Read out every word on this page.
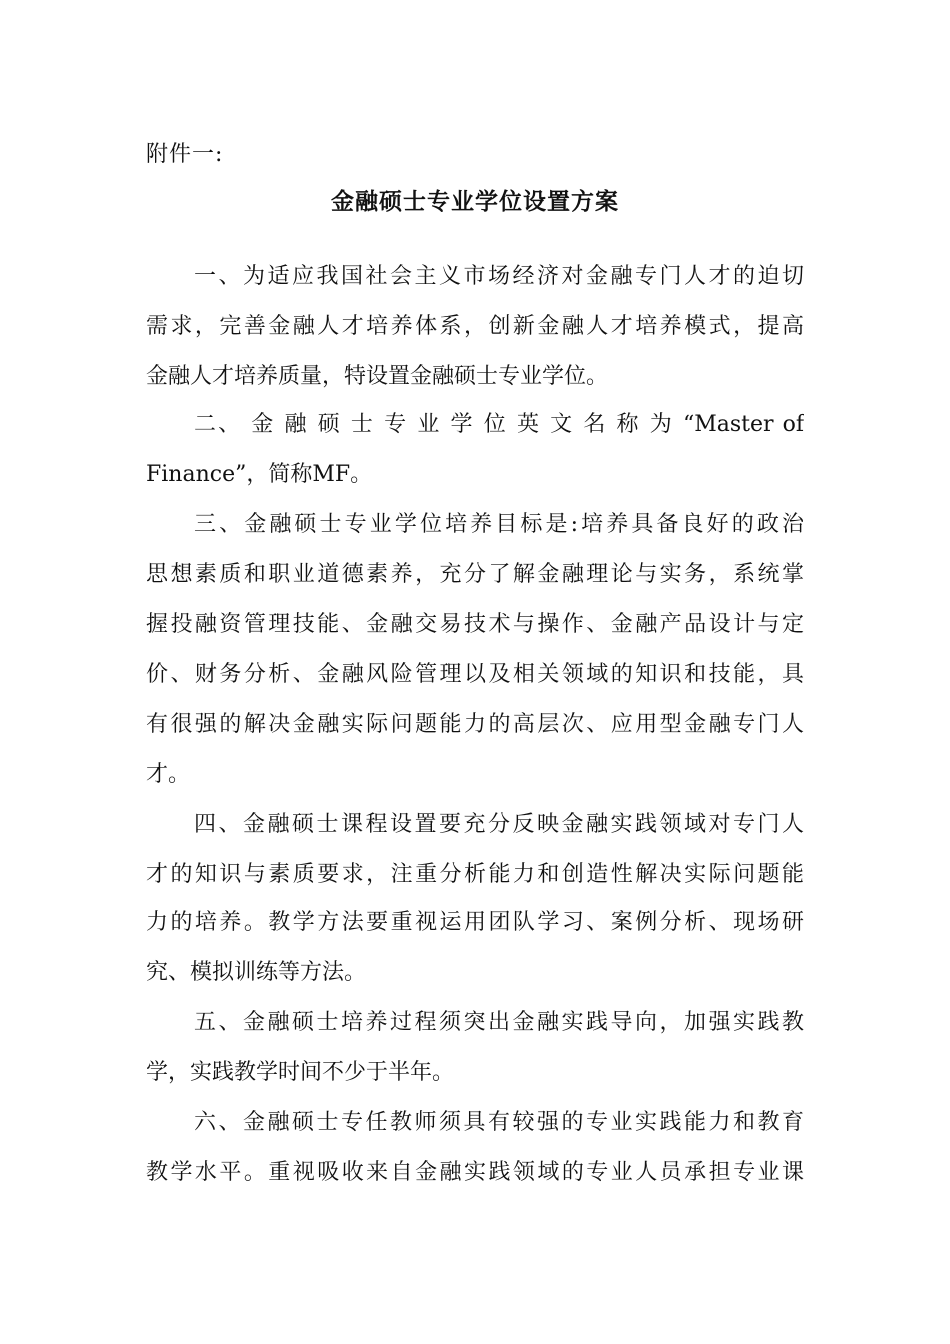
附件一:
金融硕士专业学位设置方案
一、为适应我国社会主义市场经济对金融专门人才的迫切
需求，完善金融人才培养体系，创新金融人才培养模式，提高
金融人才培养质量，特设置金融硕士专业学位。
二、 金 融 硕 士 专 业 学 位 英 文 名 称 为 “Master of
Finance”，简称MF。
三、金融硕士专业学位培养目标是:培养具备良好的政治
思想素质和职业道德素养，充分了解金融理论与实务，系统掌
握投融资管理技能、金融交易技术与操作、金融产品设计与定
价、财务分析、金融风险管理以及相关领域的知识和技能，具
有很强的解决金融实际问题能力的高层次、应用型金融专门人
才。
四、金融硕士课程设置要充分反映金融实践领域对专门人
才的知识与素质要求，注重分析能力和创造性解决实际问题能
力的培养。教学方法要重视运用团队学习、案例分析、现场研
究、模拟训练等方法。
五、金融硕士培养过程须突出金融实践导向，加强实践教
学，实践教学时间不少于半年。
六、金融硕士专任教师须具有较强的专业实践能力和教育
教学水平。重视吸收来自金融实践领域的专业人员承担专业课
